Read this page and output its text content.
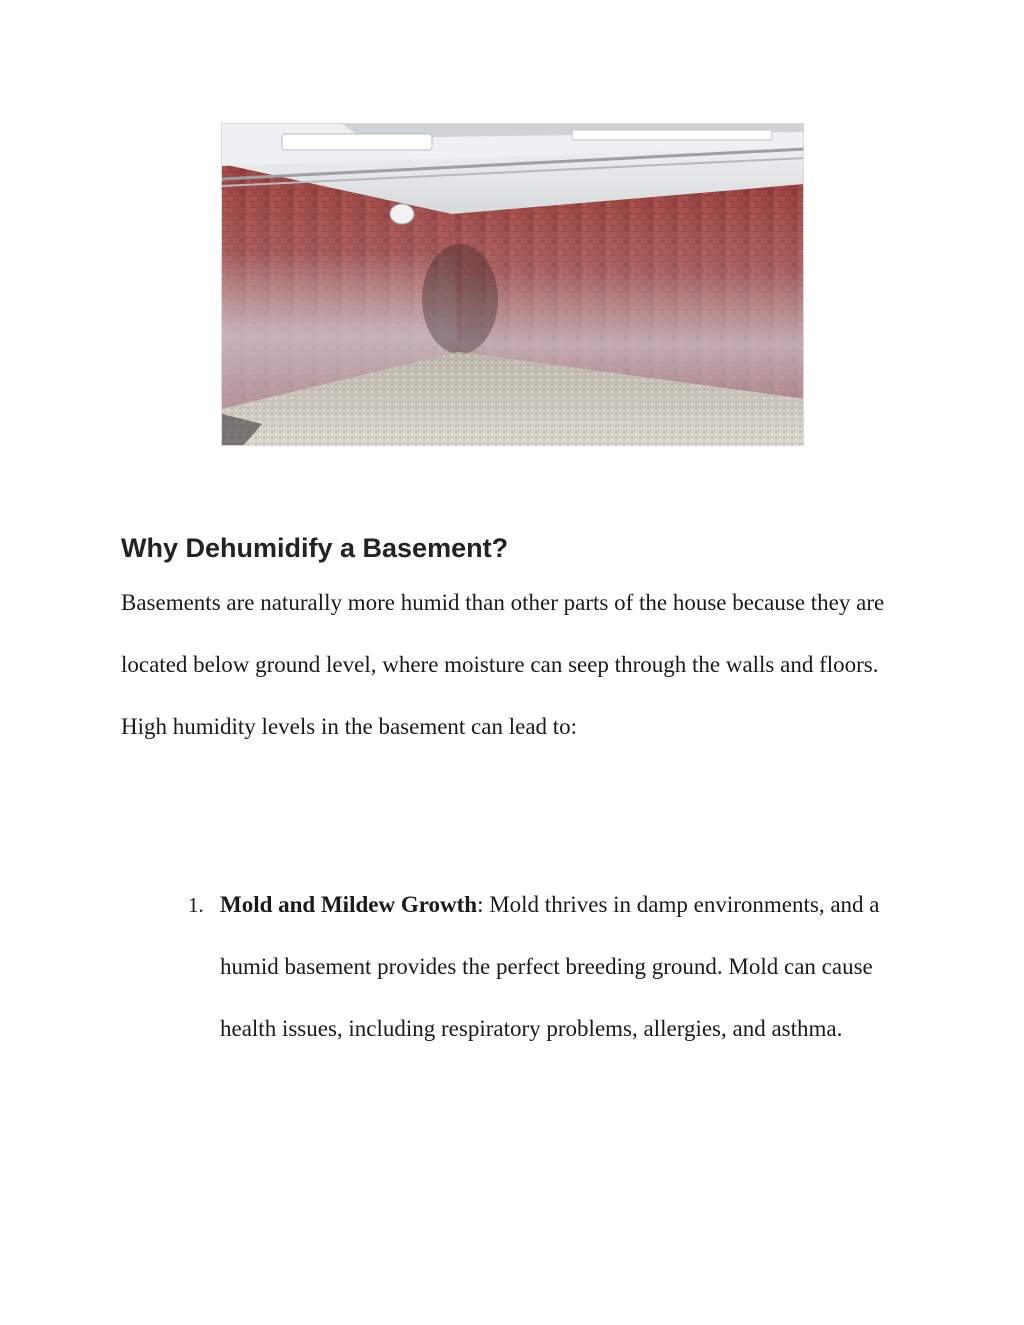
Why Dehumidify a Basement?

Basements are naturally more humid than other parts of the house because they are located below ground level, where moisture can seep through the walls and floors. High humidity levels in the basement can lead to:

1. Mold and Mildew Growth: Mold thrives in damp environments, and a humid basement provides the perfect breeding ground. Mold can cause health issues, including respiratory problems, allergies, and asthma.
